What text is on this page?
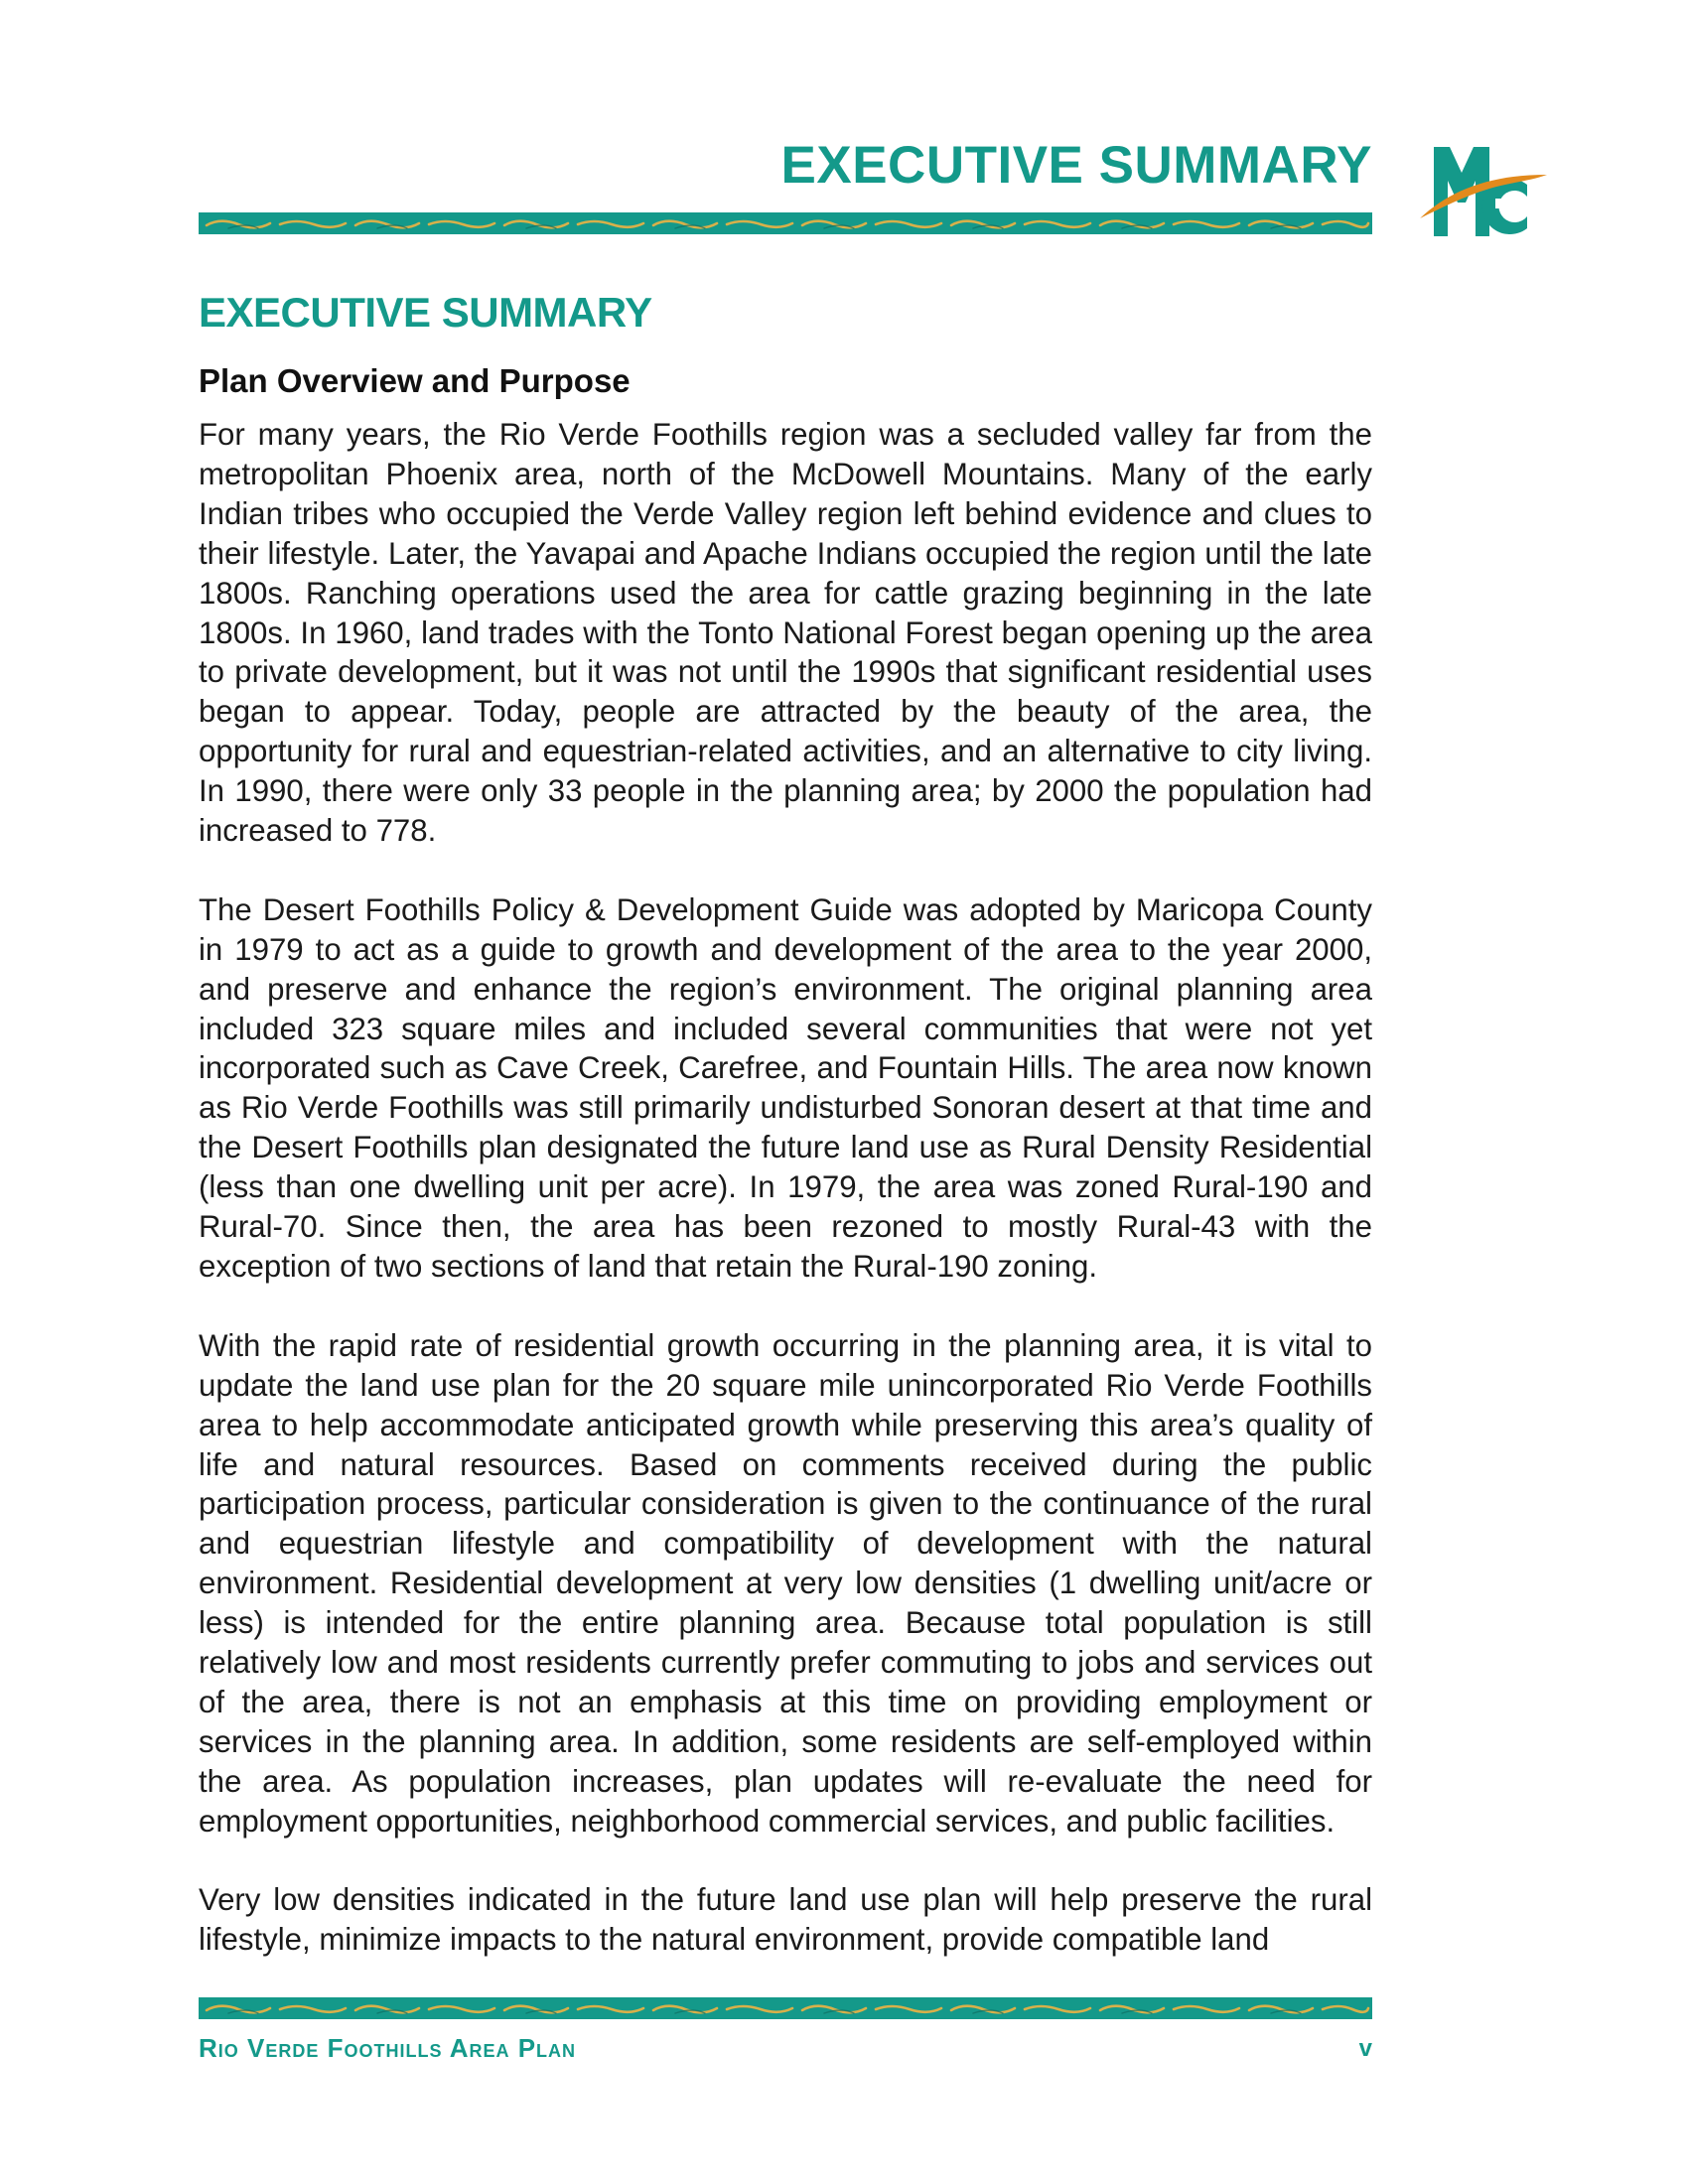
EXECUTIVE SUMMARY
EXECUTIVE SUMMARY
Plan Overview and Purpose

For many years, the Rio Verde Foothills region was a secluded valley far from the metropolitan Phoenix area, north of the McDowell Mountains. Many of the early Indian tribes who occupied the Verde Valley region left behind evidence and clues to their lifestyle. Later, the Yavapai and Apache Indians occupied the region until the late 1800s. Ranching operations used the area for cattle grazing beginning in the late 1800s. In 1960, land trades with the Tonto National Forest began opening up the area to private development, but it was not until the 1990s that significant residential uses began to appear. Today, people are attracted by the beauty of the area, the opportunity for rural and equestrian-related activities, and an alternative to city living. In 1990, there were only 33 people in the planning area; by 2000 the population had increased to 778.

The Desert Foothills Policy & Development Guide was adopted by Maricopa County in 1979 to act as a guide to growth and development of the area to the year 2000, and preserve and enhance the region’s environment. The original planning area included 323 square miles and included several communities that were not yet incorporated such as Cave Creek, Carefree, and Fountain Hills. The area now known as Rio Verde Foothills was still primarily undisturbed Sonoran desert at that time and the Desert Foothills plan designated the future land use as Rural Density Residential (less than one dwelling unit per acre). In 1979, the area was zoned Rural-190 and Rural-70. Since then, the area has been rezoned to mostly Rural-43 with the exception of two sections of land that retain the Rural-190 zoning.

With the rapid rate of residential growth occurring in the planning area, it is vital to update the land use plan for the 20 square mile unincorporated Rio Verde Foothills area to help accommodate anticipated growth while preserving this area’s quality of life and natural resources. Based on comments received during the public participation process, particular consideration is given to the continuance of the rural and equestrian lifestyle and compatibility of development with the natural environment. Residential development at very low densities (1 dwelling unit/acre or less) is intended for the entire planning area. Because total population is still relatively low and most residents currently prefer commuting to jobs and services out of the area, there is not an emphasis at this time on providing employment or services in the planning area. In addition, some residents are self-employed within the area. As population increases, plan updates will re-evaluate the need for employment opportunities, neighborhood commercial services, and public facilities.

Very low densities indicated in the future land use plan will help preserve the rural lifestyle, minimize impacts to the natural environment, provide compatible land

Rio Verde Foothills Area Plan	v
